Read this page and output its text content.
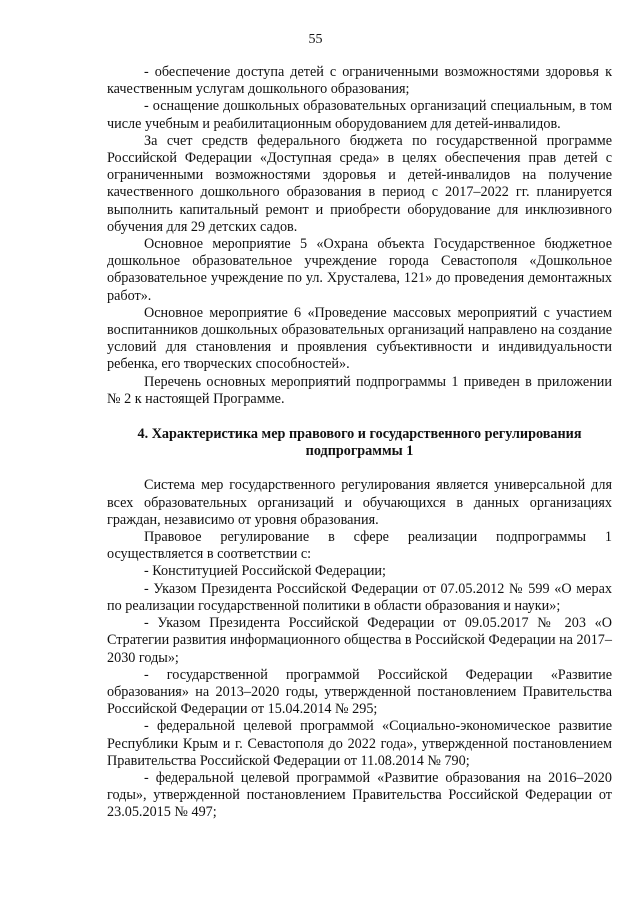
55

- обеспечение доступа детей с ограниченными возможностями здоровья к качественным услугам дошкольного образования;

- оснащение дошкольных образовательных организаций специальным, в том числе учебным и реабилитационным оборудованием для детей-инвалидов.

За счет средств федерального бюджета по государственной программе Российской Федерации «Доступная среда» в целях обеспечения прав детей с ограниченными возможностями здоровья и детей-инвалидов на получение качественного дошкольного образования в период с 2017–2022 гг. планируется выполнить капитальный ремонт и приобрести оборудование для инклюзивного обучения для 29 детских садов.

Основное мероприятие 5 «Охрана объекта Государственное бюджетное дошкольное образовательное учреждение города Севастополя «Дошкольное образовательное учреждение по ул. Хрусталева, 121» до проведения демонтажных работ».

Основное мероприятие 6 «Проведение массовых мероприятий с участием воспитанников дошкольных образовательных организаций направлено на создание условий для становления и проявления субъективности и индивидуальности ребенка, его творческих способностей».

Перечень основных мероприятий подпрограммы 1 приведен в приложении № 2 к настоящей Программе.

4. Характеристика мер правового и государственного регулирования подпрограммы 1

Система мер государственного регулирования является универсальной для всех образовательных организаций и обучающихся в данных организациях граждан, независимо от уровня образования.

Правовое регулирование в сфере реализации подпрограммы 1 осуществляется в соответствии с:

- Конституцией Российской Федерации;

- Указом Президента Российской Федерации от 07.05.2012 № 599 «О мерах по реализации государственной политики в области образования и науки»;

- Указом Президента Российской Федерации от 09.05.2017 № 203 «О Стратегии развития информационного общества в Российской Федерации на 2017–2030 годы»;

- государственной программой Российской Федерации «Развитие образования» на 2013–2020 годы, утвержденной постановлением Правительства Российской Федерации от 15.04.2014 № 295;

- федеральной целевой программой «Социально-экономическое развитие Республики Крым и г. Севастополя до 2022 года», утвержденной постановлением Правительства Российской Федерации от 11.08.2014 № 790;

- федеральной целевой программой «Развитие образования на 2016–2020 годы», утвержденной постановлением Правительства Российской Федерации от 23.05.2015 № 497;
